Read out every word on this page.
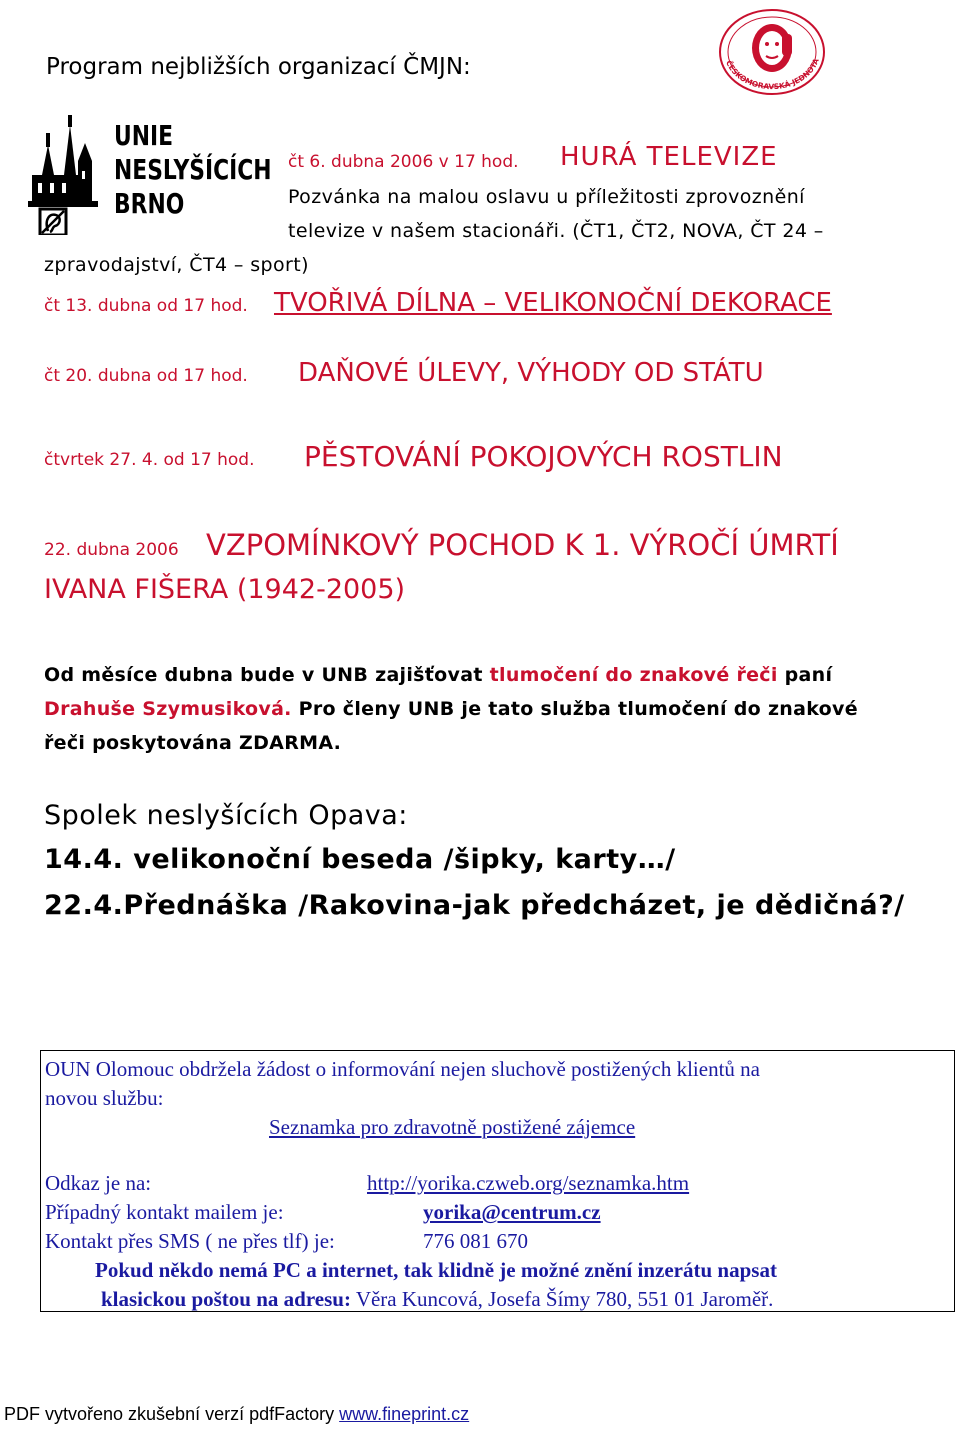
Program nejbližších organizací ČMJN:
UNIE
NESLYŠÍCÍCH
BRNO
ČESKOMORAVSKÁ JEDNOTA
čt 6. dubna 2006 v 17 hod. HURÁ TELEVIZE
Pozvánka na malou oslavu u příležitosti zprovoznění
televize v našem stacionáři. (ČT1, ČT2, NOVA, ČT 24 –
zpravodajství, ČT4 – sport)
čt 13. dubna od 17 hod. TVOŘIVÁ DÍLNA – VELIKONOČNÍ DEKORACE
čt 20. dubna od 17 hod. DAŇOVÉ ÚLEVY, VÝHODY OD STÁTU
čtvrtek 27. 4. od 17 hod. PĚSTOVÁNÍ POKOJOVÝCH ROSTLIN
22. dubna 2006 VZPOMÍNKOVÝ POCHOD K 1. VÝROČÍ ÚMRTÍ
IVANA FIŠERA (1942-2005)
Od měsíce dubna bude v UNB zajišťovat tlumočení do znakové řeči paní
Drahuše Szymusiková. Pro členy UNB je tato služba tlumočení do znakové
řeči poskytována ZDARMA.
Spolek neslyšících Opava:
14.4. velikonoční beseda /šipky, karty…/
22.4.Přednáška /Rakovina-jak předcházet, je dědičná?/
OUN Olomouc obdržela žádost o informování nejen sluchově postižených klientů na
novou službu:
Seznamka pro zdravotně postižené zájemce
Odkaz je na:	http://yorika.czweb.org/seznamka.htm
Případný kontakt mailem je:	yorika@centrum.cz
Kontakt přes SMS ( ne přes tlf) je:	776 081 670
Pokud někdo nemá PC a internet, tak klidně je možné znění inzerátu napsat
klasickou poštou na adresu: Věra Kuncová, Josefa Šímy 780, 551 01 Jaroměř.
PDF vytvořeno zkušební verzí pdfFactory www.fineprint.cz
